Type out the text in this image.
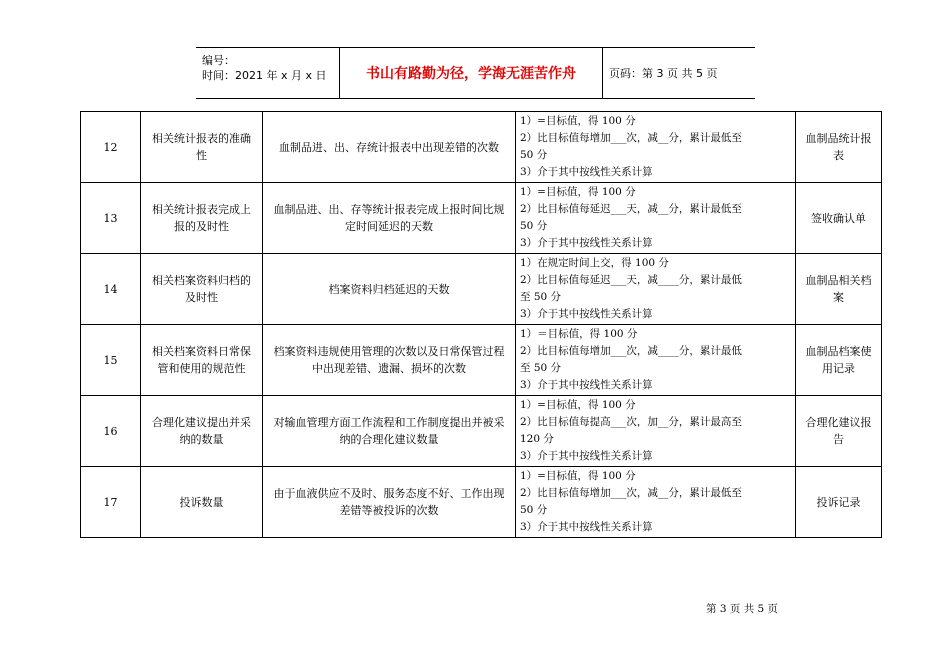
编号：
时间：2021 年 x 月 x 日	书山有路勤为径，学海无涯苦作舟	页码：第 3 页 共 5 页
12	相关统计报表的准确性	血制品进、出、存统计报表中出现差错的次数	1）=目标值，得 100 分
2）比目标值每增加___次，减__分，累计最低至
50 分
3）介于其中按线性关系计算	血制品统计报表
13	相关统计报表完成上报的及时性	血制品进、出、存等统计报表完成上报时间比规定时间延迟的天数	1）=目标值，得 100 分
2）比目标值每延迟___天，减__分，累计最低至
50 分
3）介于其中按线性关系计算	签收确认单
14	相关档案资料归档的及时性	档案资料归档延迟的天数	1）在规定时间上交，得 100 分
2）比目标值每延迟___天，减____分，累计最低
至 50 分
3）介于其中按线性关系计算	血制品相关档案
15	相关档案资料日常保管和使用的规范性	档案资料违规使用管理的次数以及日常保管过程中出现差错、遗漏、损坏的次数	1）＝目标值，得 100 分
2）比目标值每增加___次，减____分，累计最低
至 50 分
3）介于其中按线性关系计算	血制品档案使用记录
16	合理化建议提出并采纳的数量	对输血管理方面工作流程和工作制度提出并被采纳的合理化建议数量	1）=目标值，得 100 分
2）比目标值每提高___次，加__分，累计最高至
120 分
3）介于其中按线性关系计算	合理化建议报告
17	投诉数量	由于血液供应不及时、服务态度不好、工作出现差错等被投诉的次数	1）=目标值，得 100 分
2）比目标值每增加___次，减__分，累计最低至
50 分
3）介于其中按线性关系计算	投诉记录
第 3 页 共 5 页
